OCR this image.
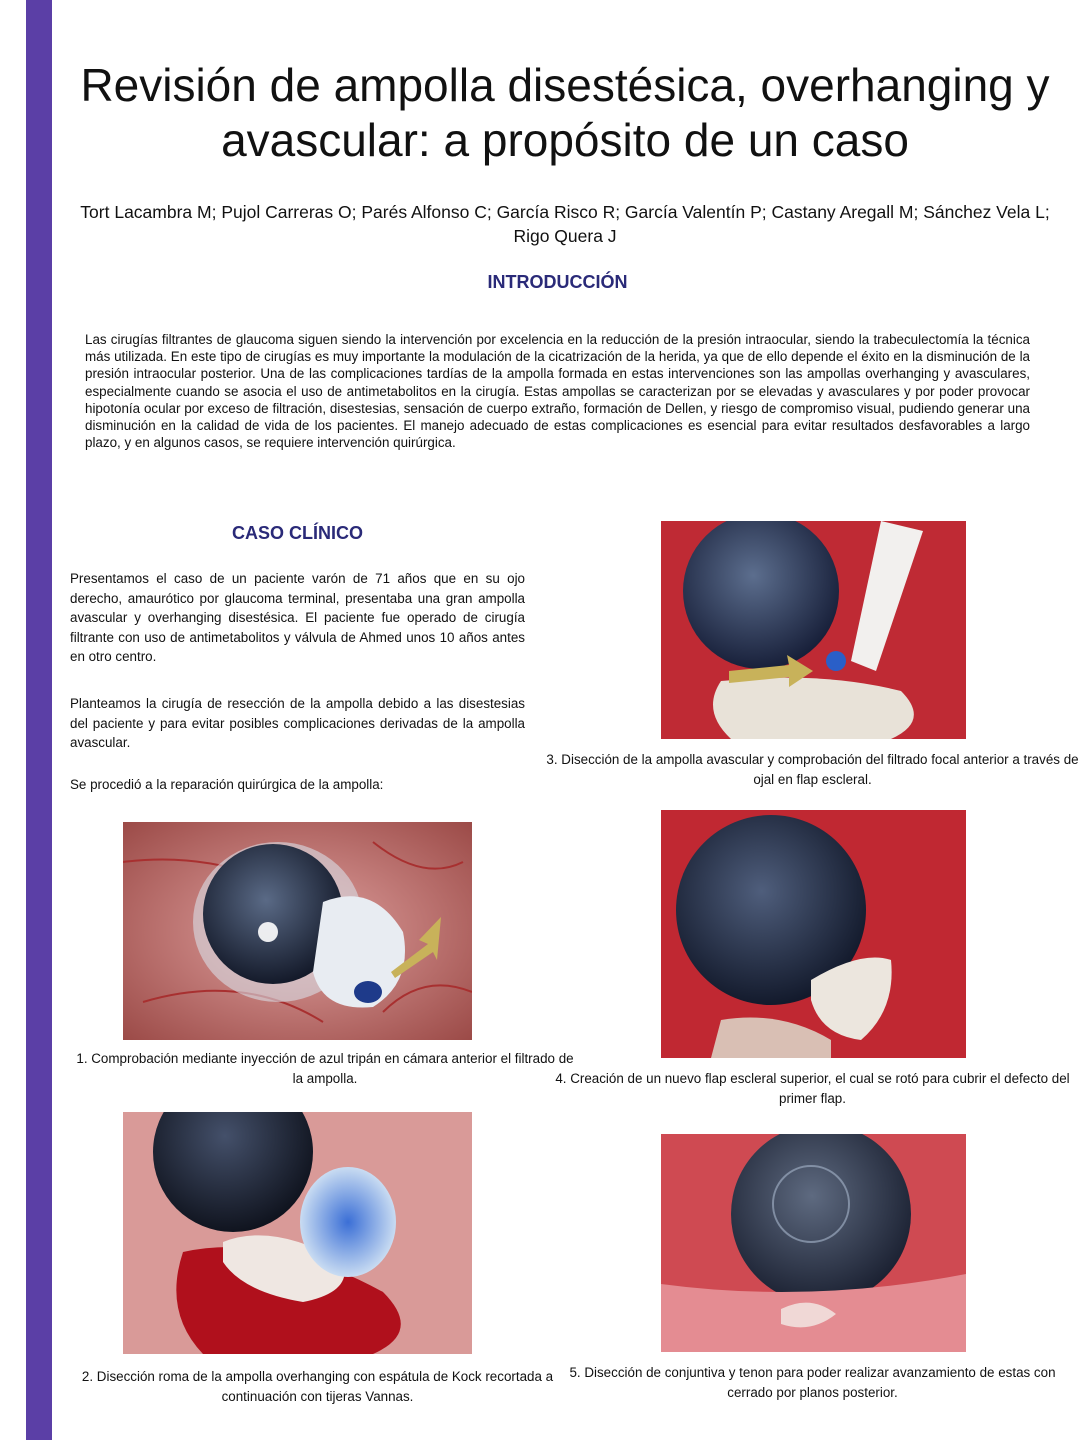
Revisión de ampolla disestésica, overhanging y avascular: a propósito de un caso

Tort Lacambra M; Pujol Carreras O; Parés Alfonso C; García Risco R; García Valentín P; Castany Aregall M; Sánchez Vela L; Rigo Quera J

INTRODUCCIÓN

Las cirugías filtrantes de glaucoma siguen siendo la intervención por excelencia en la reducción de la presión intraocular, siendo la trabeculectomía la técnica más utilizada. En este tipo de cirugías es muy importante la modulación de la cicatrización de la herida, ya que de ello depende el éxito en la disminución de la presión intraocular posterior. Una de las complicaciones tardías de la ampolla formada en estas intervenciones son las ampollas overhanging y avasculares, especialmente cuando se asocia el uso de antimetabolitos en la cirugía. Estas ampollas se caracterizan por se elevadas y avasculares y por poder provocar hipotonía ocular por exceso de filtración, disestesias, sensación de cuerpo extraño, formación de Dellen, y riesgo de compromiso visual, pudiendo generar una disminución en la calidad de vida de los pacientes. El manejo adecuado de estas complicaciones es esencial para evitar resultados desfavorables a largo plazo, y en algunos casos, se requiere intervención quirúrgica.

CASO CLÍNICO

Presentamos el caso de un paciente varón de 71 años que en su ojo derecho, amaurótico por glaucoma terminal, presentaba una gran ampolla avascular y overhanging disestésica. El paciente fue operado de cirugía filtrante con uso de antimetabolitos y válvula de Ahmed unos 10 años antes en otro centro.

Planteamos la cirugía de resección de la ampolla debido a las disestesias del paciente y para evitar posibles complicaciones derivadas de la ampolla avascular.

Se procedió a la reparación quirúrgica de la ampolla:

1. Comprobación mediante inyección de azul tripán en cámara anterior el filtrado de la ampolla.

2. Disección roma de la ampolla overhanging con espátula de Kock recortada a continuación con tijeras Vannas.

3. Disección de la ampolla avascular y comprobación del filtrado focal anterior a través de ojal en flap escleral.

4. Creación de un nuevo flap escleral superior, el cual se rotó para cubrir el defecto del primer flap.

5. Disección de conjuntiva y tenon para poder realizar avanzamiento de estas con cerrado por planos posterior.
